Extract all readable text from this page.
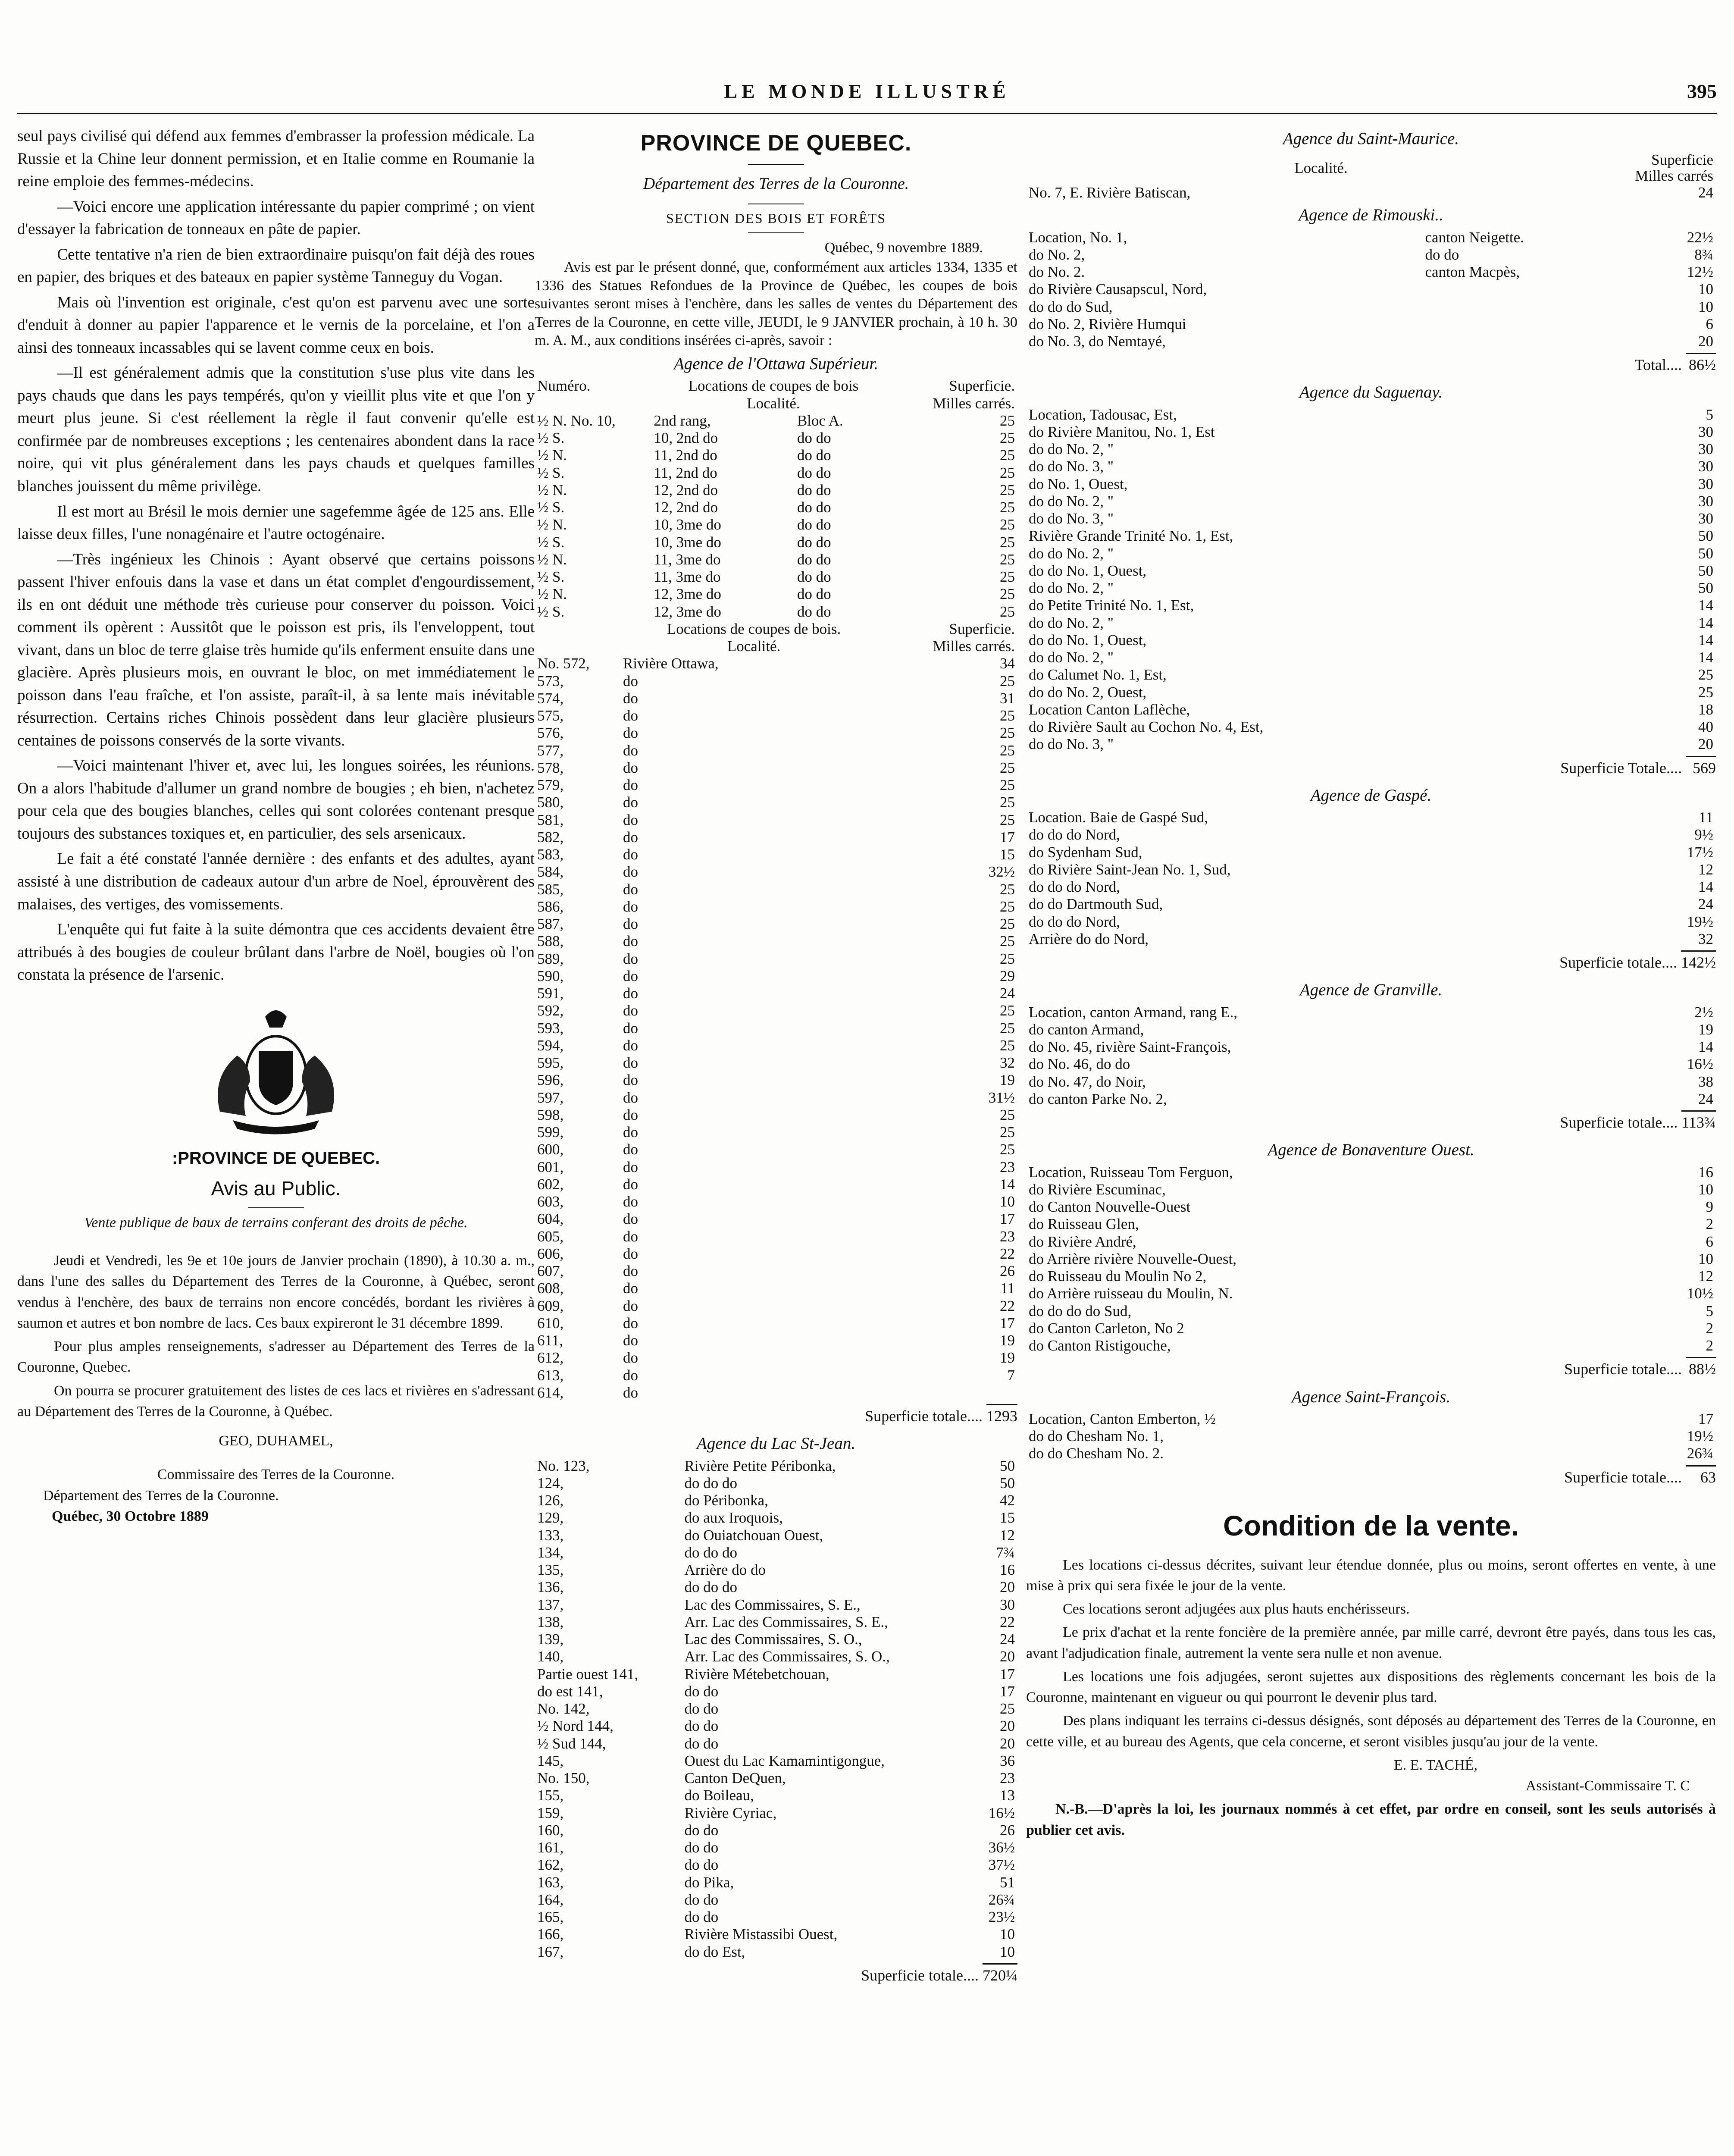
LE MONDE ILLUSTRÉ	395

seul pays civilisé qui défend aux femmes d'embrasser la profession médicale. La Russie et la Chine leur donnent permission, et en Italie comme en Roumanie la reine emploie des femmes-médecins.

—Voici encore une application intéressante du papier comprimé ; on vient d'essayer la fabrication de tonneaux en pâte de papier.

Cette tentative n'a rien de bien extraordinaire puisqu'on fait déjà des roues en papier, des briques et des bateaux en papier système Tanneguy du Vogan.

Mais où l'invention est originale, c'est qu'on est parvenu avec une sorte d'enduit à donner au papier l'apparence et le vernis de la porcelaine, et l'on a ainsi des tonneaux incassables qui se lavent comme ceux en bois.

—Il est généralement admis que la constitution s'use plus vite dans les pays chauds que dans les pays tempérés, qu'on y vieillit plus vite et que l'on y meurt plus jeune. Si c'est réellement la règle il faut convenir qu'elle est confirmée par de nombreuses exceptions ; les centenaires abondent dans la race noire, qui vit plus généralement dans les pays chauds et quelques familles blanches jouissent du même privilège.

Il est mort au Brésil le mois dernier une sagefemme âgée de 125 ans. Elle laisse deux filles, l'une nonagénaire et l'autre octogénaire.

—Très ingénieux les Chinois : Ayant observé que certains poissons passent l'hiver enfouis dans la vase et dans un état complet d'engourdissement, ils en ont déduit une méthode très curieuse pour conserver du poisson. Voici comment ils opèrent : Aussitôt que le poisson est pris, ils l'enveloppent, tout vivant, dans un bloc de terre glaise très humide qu'ils enferment ensuite dans une glacière. Après plusieurs mois, en ouvrant le bloc, on met immédiatement le poisson dans l'eau fraîche, et l'on assiste, paraît-il, à sa lente mais inévitable résurrection. Certains riches Chinois possèdent dans leur glacière plusieurs centaines de poissons conservés de la sorte vivants.

—Voici maintenant l'hiver et, avec lui, les longues soirées, les réunions. On a alors l'habitude d'allumer un grand nombre de bougies ; eh bien, n'achetez pour cela que des bougies blanches, celles qui sont colorées contenant presque toujours des substances toxiques et, en particulier, des sels arsenicaux.

Le fait a été constaté l'année dernière : des enfants et des adultes, ayant assisté à une distribution de cadeaux autour d'un arbre de Noel, éprouvèrent des malaises, des vertiges, des vomissements.

L'enquête qui fut faite à la suite démontra que ces accidents devaient être attribués à des bougies de couleur brûlant dans l'arbre de Noël, bougies où l'on constata la présence de l'arsenic.

:PROVINCE DE QUEBEC.
Avis au Public.
Vente publique de baux de terrains conferant des droits de pêche.

Jeudi et Vendredi, les 9e et 10e jours de Janvier prochain (1890), à 10.30 a. m., dans l'une des salles du Département des Terres de la Couronne, à Québec, seront vendus à l'enchère, des baux de terrains non encore concédés, bordant les rivières à saumon et autres et bon nombre de lacs. Ces baux expireront le 31 décembre 1899.

Pour plus amples renseignements, s'adresser au Département des Terres de la Couronne, Quebec.

On pourra se procurer gratuitement des listes de ces lacs et rivières en s'adressant au Département des Terres de la Couronne, à Québec.

GEO, DUHAMEL,
Commissaire des Terres de la Couronne.
Département des Terres de la Couronne.
Québec, 30 Octobre 1889
PROVINCE DE QUEBEC.
Département des Terres de la Couronne.
SECTION DES BOIS ET FORÊTS
Québec, 9 novembre 1889.

Avis est par le présent donné, que, conformément aux articles 1334, 1335 et 1336 des Statues Refondues de la Province de Québec, les coupes de bois suivantes seront mises à l'enchère, dans les salles de ventes du Département des Terres de la Couronne, en cette ville, JEUDI, le 9 JANVIER prochain, à 10 h. 30 m. A. M., aux conditions insérées ci-après, savoir :

Agence de l'Ottawa Supérieur.
Numéro.	Locations de coupes de bois		Superficie.
	Localité.		Milles carrés.
½ N. No. 10,	2nd rang,	Bloc A.	25
½ S.	10, 2nd do	do do	25
½ N.	11, 2nd do	do do	25
½ S.	11, 2nd do	do do	25
½ N.	12, 2nd do	do do	25
½ S.	12, 2nd do	do do	25
½ N.	10, 3me do	do do	25
½ S.	10, 3me do	do do	25
½ N.	11, 3me do	do do	25
½ S.	11, 3me do	do do	25
½ N.	12, 3me do	do do	25
½ S.	12, 3me do	do do	25
	Locations de coupes de bois.	Superficie.
	Localité.	Milles carrés.
No. 572,	Rivière Ottawa,	34
573,	do	25
574,	do	31
575,	do	25
576,	do	25
577,	do	25
578,	do	25
579,	do	25
580,	do	25
581,	do	25
582,	do	17
583,	do	15
584,	do	32½
585,	do	25
586,	do	25
587,	do	25
588,	do	25
589,	do	25
590,	do	29
591,	do	24
592,	do	25
593,	do	25
594,	do	25
595,	do	32
596,	do	19
597,	do	31½
598,	do	25
599,	do	25
600,	do	25
601,	do	23
602,	do	14
603,	do	10
604,	do	17
605,	do	23
606,	do	22
607,	do	26
608,	do	11
609,	do	22
610,	do	17
611,	do	19
612,	do	19
613,	do	7
614,	do	
Superficie totale.... 1293
Agence du Lac St-Jean.
No. 123,	Rivière Petite Péribonka,	50
124,	do do do	50
126,	do Péribonka,	42
129,	do aux Iroquois,	15
133,	do Ouiatchouan Ouest,	12
134,	do do do	7¾
135,	Arrière do do	16
136,	do do do	20
137,	Lac des Commissaires, S. E.,	30
138,	Arr. Lac des Commissaires, S. E.,	22
139,	Lac des Commissaires, S. O.,	24
140,	Arr. Lac des Commissaires, S. O.,	20
Partie ouest 141,	Rivière Métebetchouan,	17
do est 141,	do do	17
No. 142,	do do	25
½ Nord 144,	do do	20
½ Sud 144,	do do	20
145,	Ouest du Lac Kamamintigongue,	36
No. 150,	Canton DeQuen,	23
155,	do Boileau,	13
159,	Rivière Cyriac,	16½
160,	do do	26
161,	do do	36½
162,	do do	37½
163,	do Pika,	51
164,	do do	26¾
165,	do do	23½
166,	Rivière Mistassibi Ouest,	10
167,	do do Est,	10
Superficie totale.... 720¼
Agence du Saint-Maurice.
Localité.	Superficie Milles carrés
No. 7, E. Rivière Batiscan,	24
Agence de Rimouski..
Location, No. 1,	canton Neigette.	22½
do No. 2,	do do	8¾
do No. 2.	canton Macpès,	12½
do Rivière Causapscul, Nord,		10
do do do Sud,		10
do No. 2, Rivière Humqui		6
do No. 3, do Nemtayé,		20
Total.... 86½
Agence du Saguenay.
Location, Tadousac, Est,	5
do Rivière Manitou, No. 1, Est	30
do do No. 2, "	30
do do No. 3, "	30
do No. 1, Ouest,	30
do do No. 2, "	30
do do No. 3, "	30
Rivière Grande Trinité No. 1, Est,	50
do do No. 2, "	50
do do No. 1, Ouest,	50
do do No. 2, "	50
do Petite Trinité No. 1, Est,	14
do do No. 2, "	14
do do No. 1, Ouest,	14
do do No. 2, "	14
do Calumet No. 1, Est,	25
do do No. 2, Ouest,	25
Location Canton Laflèche,	18
do Rivière Sault au Cochon No. 4, Est,	40
do do No. 3, "	20
Superficie Totale.... 569
Agence de Gaspé.
Location. Baie de Gaspé Sud,	11
do do do Nord,	9½
do Sydenham Sud,	17½
do Rivière Saint-Jean No. 1, Sud,	12
do do do Nord,	14
do do Dartmouth Sud,	24
do do do Nord,	19½
Arrière do do Nord,	32
Superficie totale.... 142½
Agence de Granville.
Location, canton Armand, rang E.,	2½
do canton Armand,	19
do No. 45, rivière Saint-François,	14
do No. 46, do do	16½
do No. 47, do Noir,	38
do canton Parke No. 2,	24
Superficie totale.... 113¾
Agence de Bonaventure Ouest.
Location, Ruisseau Tom Ferguon,	16
do Rivière Escuminac,	10
do Canton Nouvelle-Ouest	9
do Ruisseau Glen,	2
do Rivière André,	6
do Arrière rivière Nouvelle-Ouest,	10
do Ruisseau du Moulin No 2,	12
do Arrière ruisseau du Moulin, N.	10½
do do do do Sud,	5
do Canton Carleton, No 2	2
do Canton Ristigouche,	2
Superficie totale.... 88½
Agence Saint-François.
Location, Canton Emberton, ½	17
do do Chesham No. 1,	19½
do do Chesham No. 2.	26¾
Superficie totale.... 63
Condition de la vente.

Les locations ci-dessus décrites, suivant leur étendue donnée, plus ou moins, seront offertes en vente, à une mise à prix qui sera fixée le jour de la vente.

Ces locations seront adjugées aux plus hauts enchérisseurs.

Le prix d'achat et la rente foncière de la première année, par mille carré, devront être payés, dans tous les cas, avant l'adjudication finale, autrement la vente sera nulle et non avenue.

Les locations une fois adjugées, seront sujettes aux dispositions des règlements concernant les bois de la Couronne, maintenant en vigueur ou qui pourront le devenir plus tard.

Des plans indiquant les terrains ci-dessus désignés, sont déposés au département des Terres de la Couronne, en cette ville, et au bureau des Agents, que cela concerne, et seront visibles jusqu'au jour de la vente.

E. E. TACHÉ,
Assistant-Commissaire T. C

N.-B.—D'après la loi, les journaux nommés à cet effet, par ordre en conseil, sont les seuls autorisés à publier cet avis.
